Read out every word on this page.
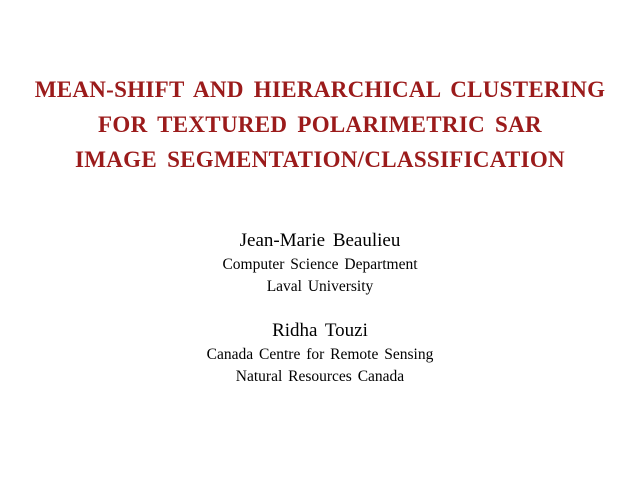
MEAN-SHIFT AND HIERARCHICAL CLUSTERING
FOR TEXTURED POLARIMETRIC SAR
IMAGE SEGMENTATION/CLASSIFICATION
Jean-Marie Beaulieu
Computer Science Department
Laval University
Ridha Touzi
Canada Centre for Remote Sensing
Natural Resources Canada
